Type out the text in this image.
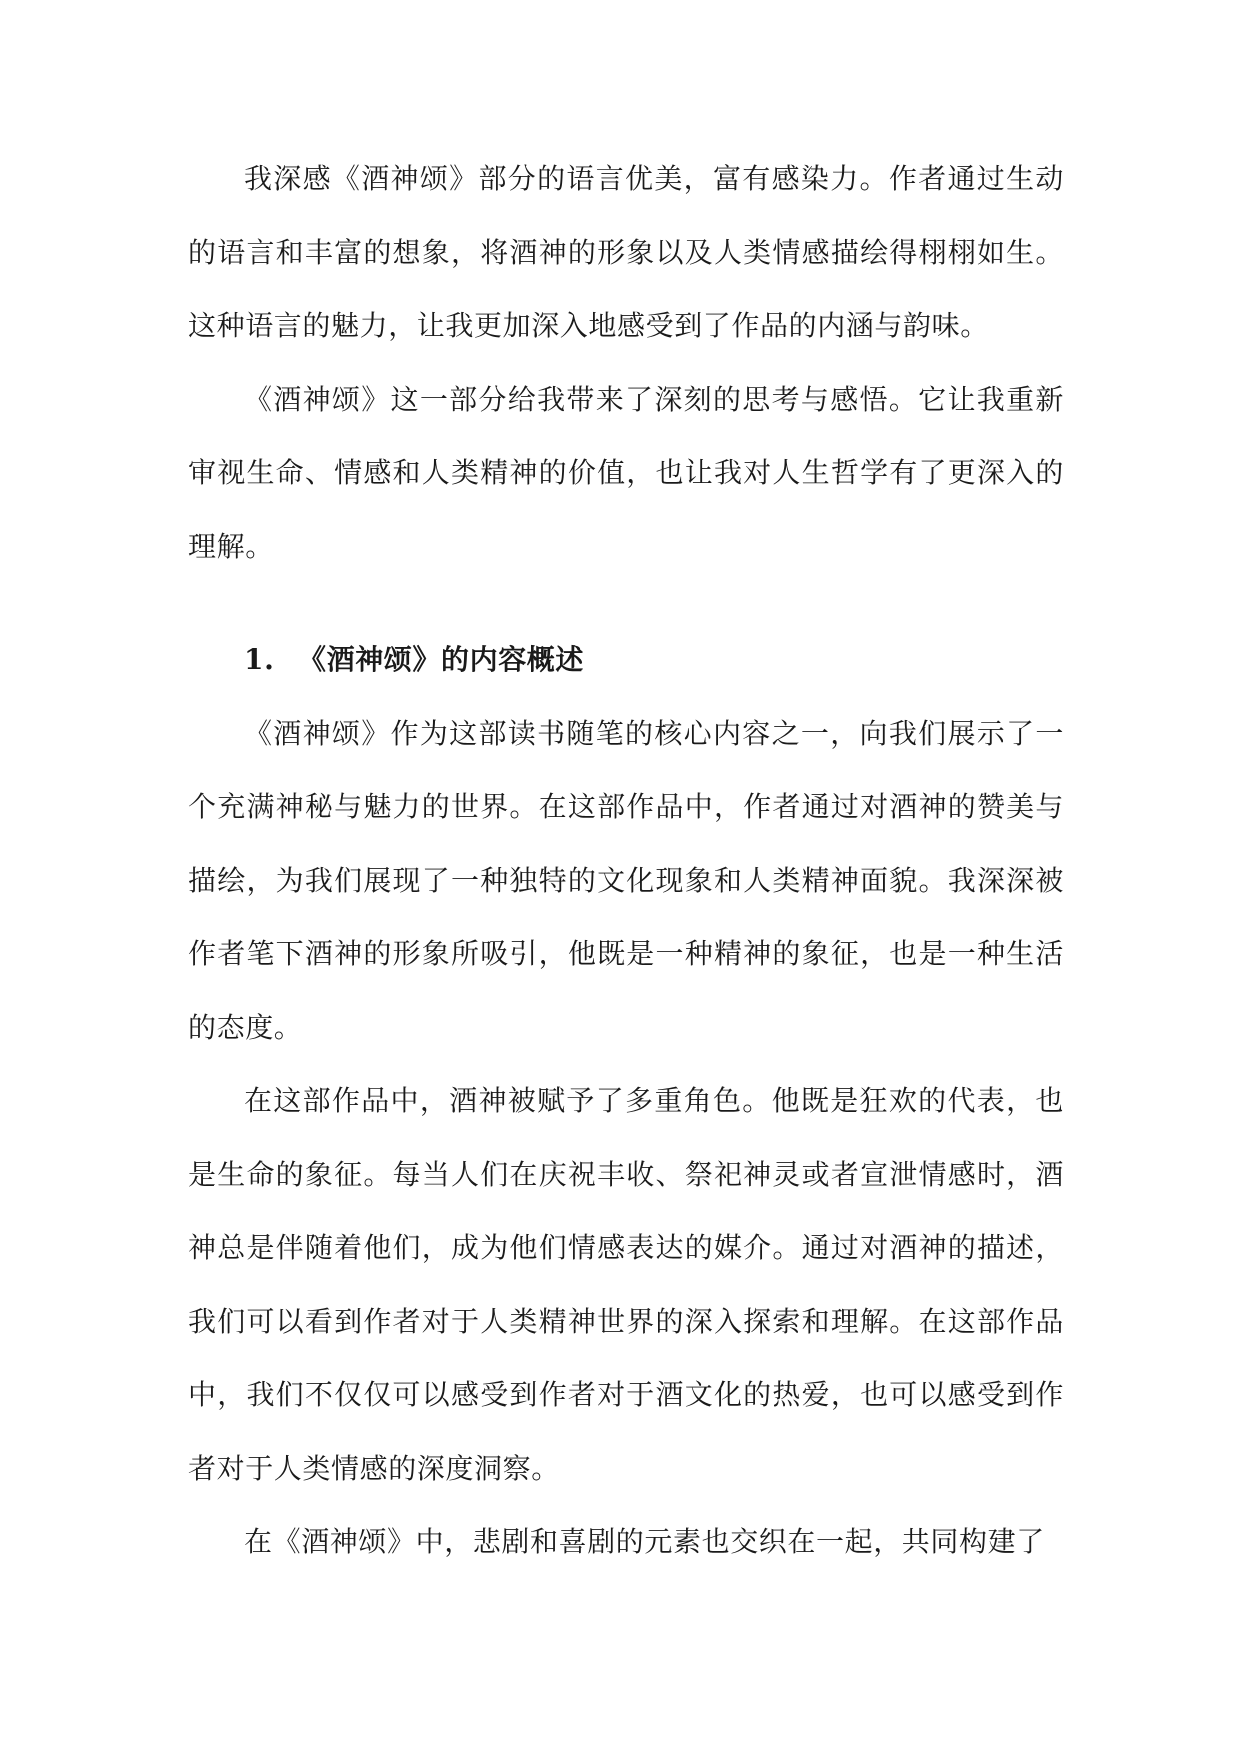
我深感《酒神颂》部分的语言优美，富有感染力。作者通过生动的语言和丰富的想象，将酒神的形象以及人类情感描绘得栩栩如生。这种语言的魅力，让我更加深入地感受到了作品的内涵与韵味。

《酒神颂》这一部分给我带来了深刻的思考与感悟。它让我重新审视生命、情感和人类精神的价值，也让我对人生哲学有了更深入的理解。

1. 《酒神颂》的内容概述

《酒神颂》作为这部读书随笔的核心内容之一，向我们展示了一个充满神秘与魅力的世界。在这部作品中，作者通过对酒神的赞美与描绘，为我们展现了一种独特的文化现象和人类精神面貌。我深深被作者笔下酒神的形象所吸引，他既是一种精神的象征，也是一种生活的态度。

在这部作品中，酒神被赋予了多重角色。他既是狂欢的代表，也是生命的象征。每当人们在庆祝丰收、祭祀神灵或者宣泄情感时，酒神总是伴随着他们，成为他们情感表达的媒介。通过对酒神的描述，我们可以看到作者对于人类精神世界的深入探索和理解。在这部作品中，我们不仅仅可以感受到作者对于酒文化的热爱，也可以感受到作者对于人类情感的深度洞察。

在《酒神颂》中，悲剧和喜剧的元素也交织在一起，共同构建了
